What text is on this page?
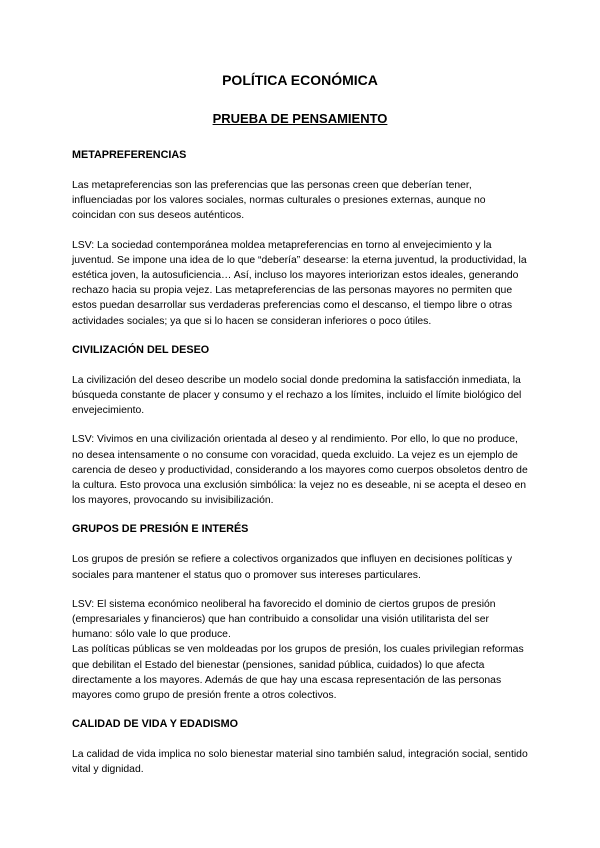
POLÍTICA ECONÓMICA
PRUEBA DE PENSAMIENTO
METAPREFERENCIAS

Las metapreferencias son las preferencias que las personas creen que deberían tener, influenciadas por los valores sociales, normas culturales o presiones externas, aunque no coincidan con sus deseos auténticos.

LSV: La sociedad contemporánea moldea metapreferencias en torno al envejecimiento y la juventud. Se impone una idea de lo que “debería” desearse: la eterna juventud, la productividad, la estética joven, la autosuficiencia… Así, incluso los mayores interiorizan estos ideales, generando rechazo hacia su propia vejez. Las metapreferencias de las personas mayores no permiten que estos puedan desarrollar sus verdaderas preferencias como el descanso, el tiempo libre o otras actividades sociales; ya que si lo hacen se consideran inferiores o poco útiles.

CIVILIZACIÓN DEL DESEO

La civilización del deseo describe un modelo social donde predomina la satisfacción inmediata, la búsqueda constante de placer y consumo y el rechazo a los límites, incluido el límite biológico del envejecimiento.

LSV: Vivimos en una civilización orientada al deseo y al rendimiento. Por ello, lo que no produce, no desea intensamente o no consume con voracidad, queda excluido. La vejez es un ejemplo de carencia de deseo y productividad, considerando a los mayores como cuerpos obsoletos dentro de la cultura. Esto provoca una exclusión simbólica: la vejez no es deseable, ni se acepta el deseo en los mayores, provocando su invisibilización.

GRUPOS DE PRESIÓN E INTERÉS

Los grupos de presión se refiere a colectivos organizados que influyen en decisiones políticas y sociales para mantener el status quo o promover sus intereses particulares.

LSV: El sistema económico neoliberal ha favorecido el dominio de ciertos grupos de presión (empresariales y financieros) que han contribuido a consolidar una visión utilitarista del ser humano: sólo vale lo que produce.

Las políticas públicas se ven moldeadas por los grupos de presión, los cuales privilegian reformas que debilitan el Estado del bienestar (pensiones, sanidad pública, cuidados) lo que afecta directamente a los mayores. Además de que hay una escasa representación de las personas mayores como grupo de presión frente a otros colectivos.

CALIDAD DE VIDA Y EDADISMO

La calidad de vida implica no solo bienestar material sino también salud, integración social, sentido vital y dignidad.
